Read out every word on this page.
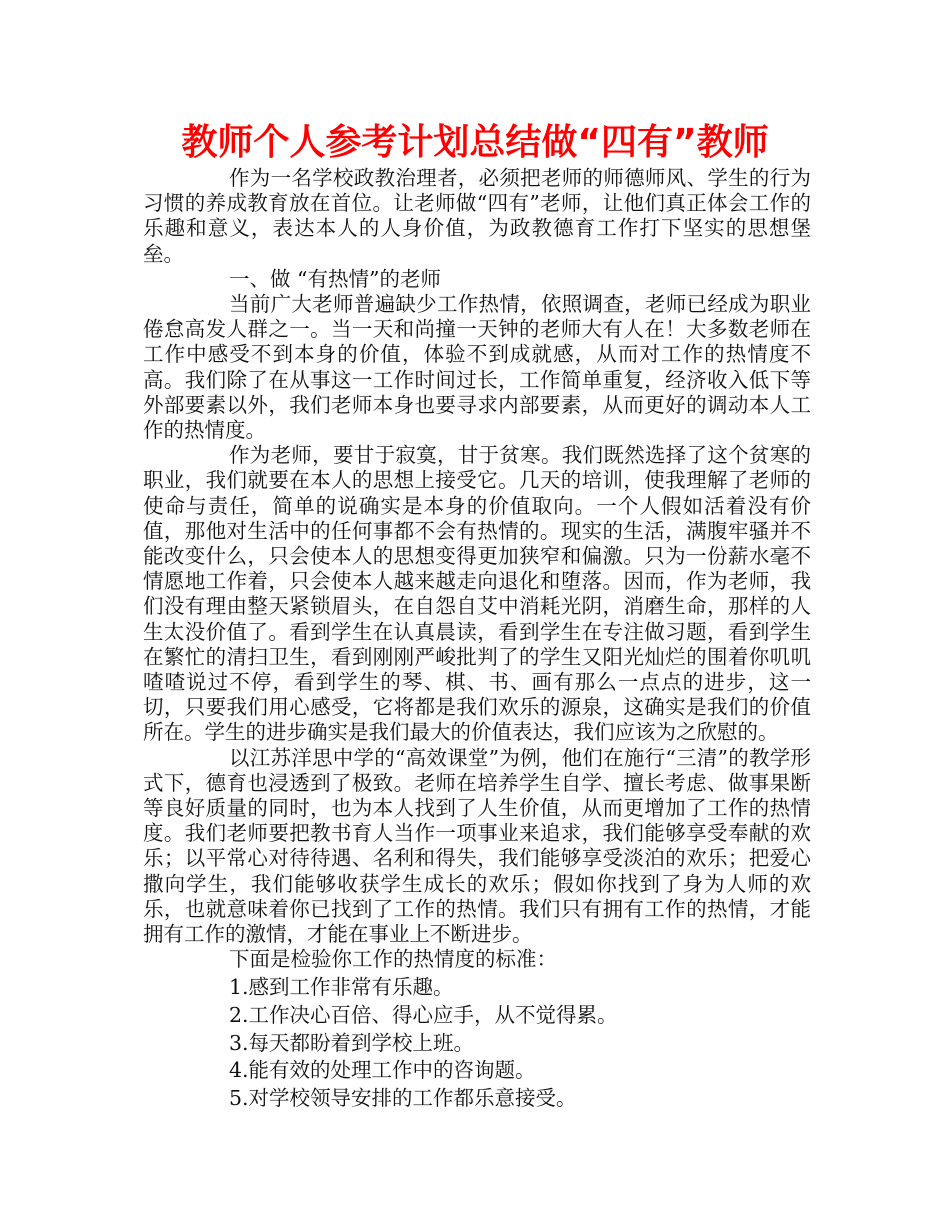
教师个人参考计划总结做“四有”教师

作为一名学校政教治理者，必须把老师的师德师风、学生的行为习惯的养成教育放在首位。让老师做“四有”老师，让他们真正体会工作的乐趣和意义，表达本人的人身价值，为政教德育工作打下坚实的思想堡垒。

一、做 “有热情”的老师

当前广大老师普遍缺少工作热情，依照调查，老师已经成为职业倦怠高发人群之一。当一天和尚撞一天钟的老师大有人在！大多数老师在工作中感受不到本身的价值，体验不到成就感，从而对工作的热情度不高。我们除了在从事这一工作时间过长，工作简单重复，经济收入低下等外部要素以外，我们老师本身也要寻求内部要素，从而更好的调动本人工作的热情度。

作为老师，要甘于寂寞，甘于贫寒。我们既然选择了这个贫寒的职业，我们就要在本人的思想上接受它。几天的培训，使我理解了老师的使命与责任，简单的说确实是本身的价值取向。一个人假如活着没有价值，那他对生活中的任何事都不会有热情的。现实的生活，满腹牢骚并不能改变什么，只会使本人的思想变得更加狭窄和偏激。只为一份薪水毫不情愿地工作着，只会使本人越来越走向退化和堕落。因而，作为老师，我们没有理由整天紧锁眉头，在自怨自艾中消耗光阴，消磨生命，那样的人生太没价值了。看到学生在认真晨读，看到学生在专注做习题，看到学生在繁忙的清扫卫生，看到刚刚严峻批判了的学生又阳光灿烂的围着你叽叽喳喳说过不停，看到学生的琴、棋、书、画有那么一点点的进步，这一切，只要我们用心感受，它将都是我们欢乐的源泉，这确实是我们的价值所在。学生的进步确实是我们最大的价值表达，我们应该为之欣慰的。

以江苏洋思中学的“高效课堂”为例，他们在施行“三清”的教学形式下，德育也浸透到了极致。老师在培养学生自学、擅长考虑、做事果断等良好质量的同时，也为本人找到了人生价值，从而更增加了工作的热情度。我们老师要把教书育人当作一项事业来追求，我们能够享受奉献的欢乐；以平常心对待待遇、名利和得失，我们能够享受淡泊的欢乐；把爱心撒向学生，我们能够收获学生成长的欢乐；假如你找到了身为人师的欢乐，也就意味着你已找到了工作的热情。我们只有拥有工作的热情，才能拥有工作的激情，才能在事业上不断进步。

下面是检验你工作的热情度的标准：

1.感到工作非常有乐趣。
2.工作决心百倍、得心应手，从不觉得累。
3.每天都盼着到学校上班。
4.能有效的处理工作中的咨询题。
5.对学校领导安排的工作都乐意接受。
